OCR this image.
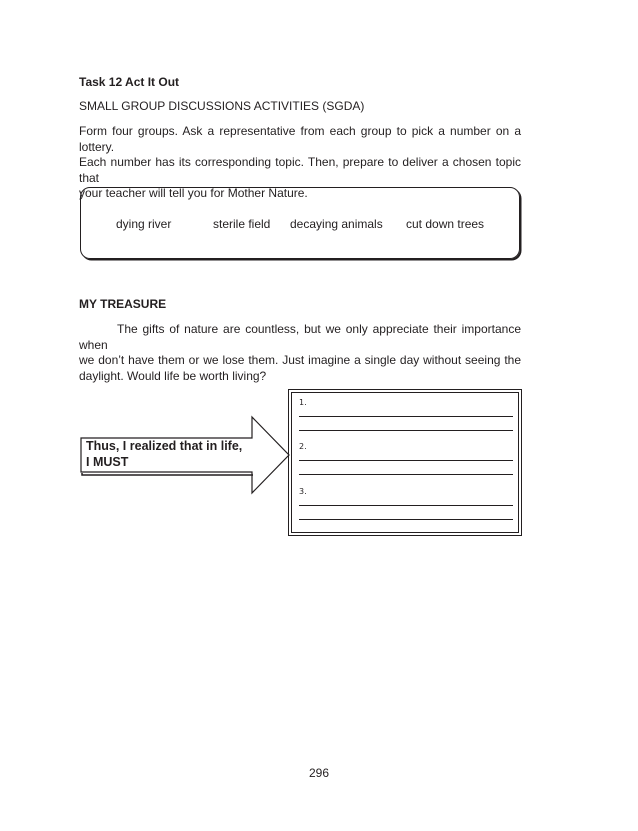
Task 12 Act It Out
SMALL GROUP DISCUSSIONS ACTIVITIES (SGDA)
Form four groups. Ask a representative from each group to pick a number on a lottery.
Each number has its corresponding topic. Then, prepare to deliver a chosen topic that
your teacher will tell you for Mother Nature.
dying river	sterile field decaying animals cut down trees
MY TREASURE
The gifts of nature are countless, but we only appreciate their importance when
we don’t have them or we lose them. Just imagine a single day without seeing the
daylight. Would life be worth living?
Thus, I realized that in life,
I MUST
1.
2.
3.
296
